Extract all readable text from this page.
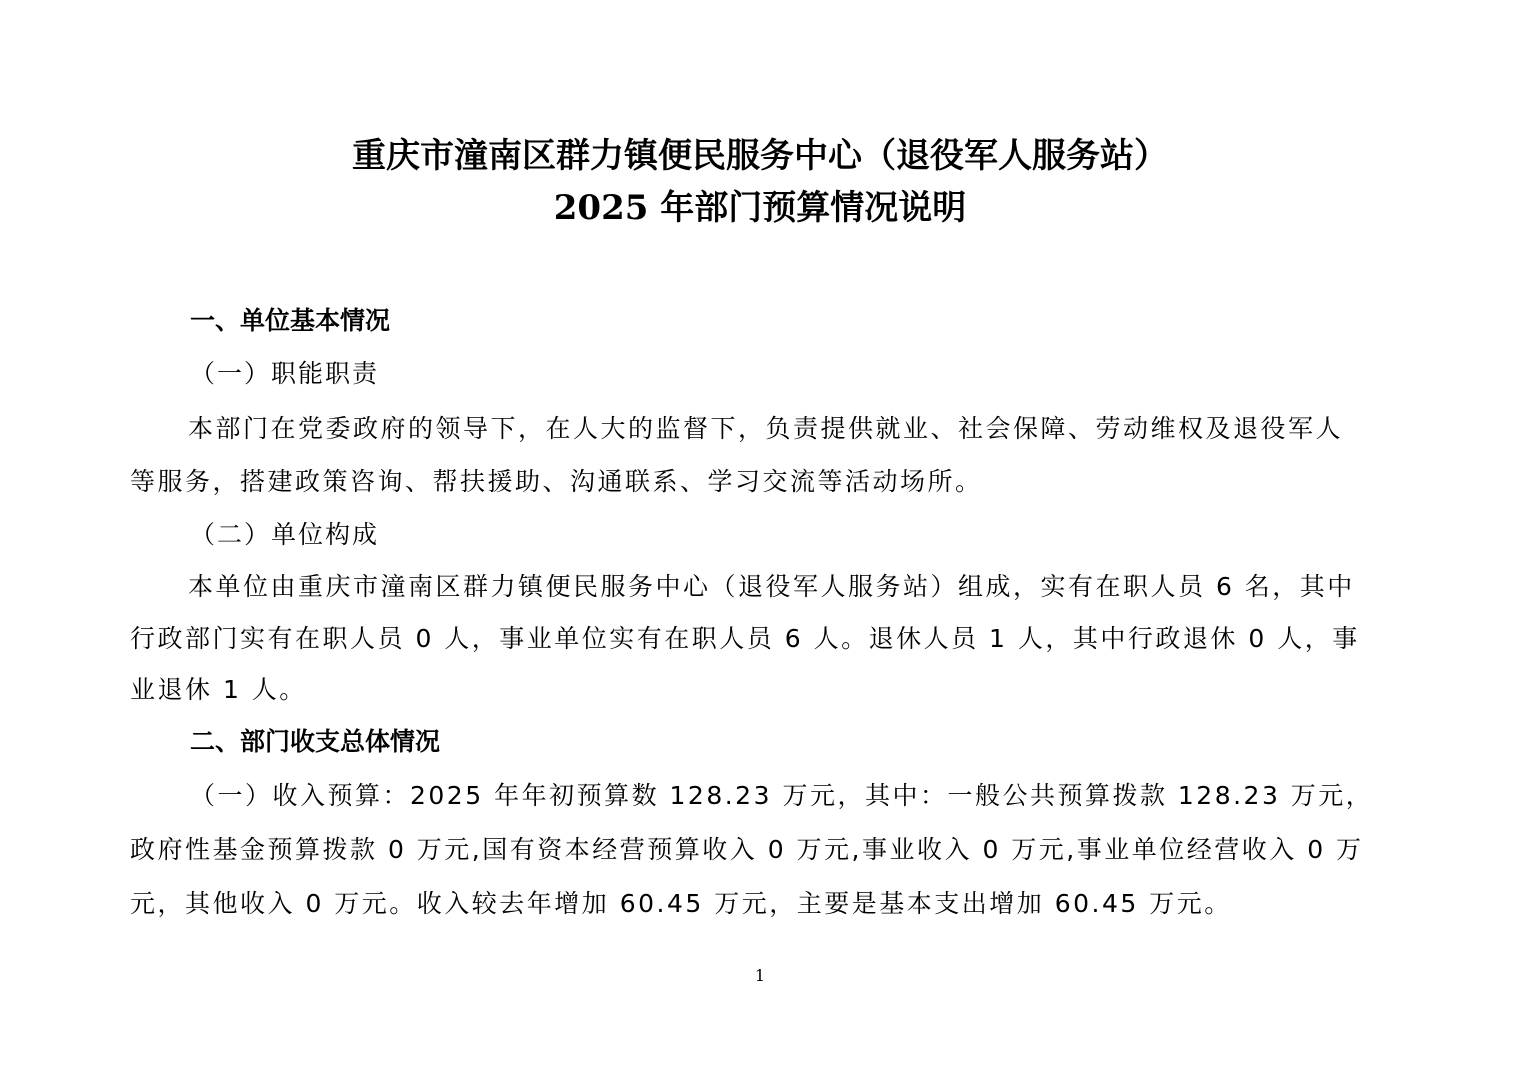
重庆市潼南区群力镇便民服务中心（退役军人服务站）
2025 年部门预算情况说明
一、单位基本情况
（一）职能职责
本部门在党委政府的领导下，在人大的监督下，负责提供就业、社会保障、劳动维权及退役军人
等服务，搭建政策咨询、帮扶援助、沟通联系、学习交流等活动场所。
（二）单位构成
本单位由重庆市潼南区群力镇便民服务中心（退役军人服务站）组成，实有在职人员 6 名，其中
行政部门实有在职人员 0 人，事业单位实有在职人员 6 人。退休人员 1 人，其中行政退休 0 人，事
业退休 1 人。
二、部门收支总体情况
（一）收入预算：2025 年年初预算数 128.23 万元，其中：一般公共预算拨款 128.23 万元，
政府性基金预算拨款 0 万元,国有资本经营预算收入 0 万元,事业收入 0 万元,事业单位经营收入 0 万
元，其他收入 0 万元。收入较去年增加 60.45 万元，主要是基本支出增加 60.45 万元。
1
